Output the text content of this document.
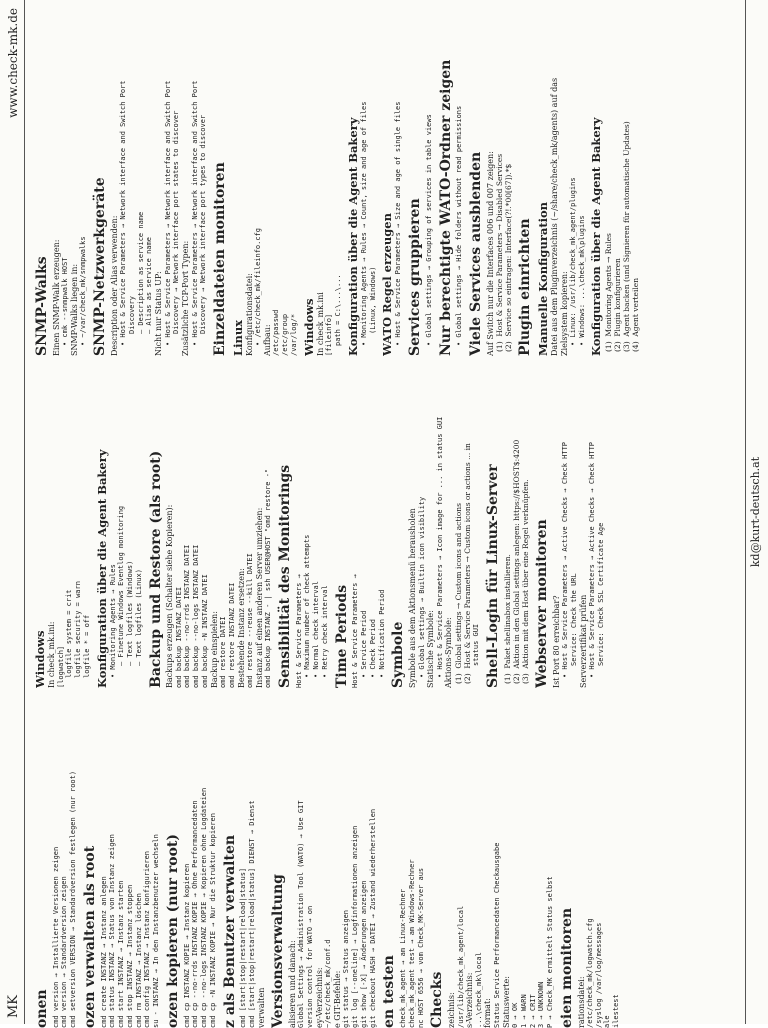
MK
www.check-mk.de
onen cmd version → Installierte Versionen zeigen cmd version → Standardversion zeigen cmd setversion VERSION → Standardversion festlegen (nur root) ozen verwalten als root cmd create INSTANZ → Instanz anlegen cmd status INSTANZ → Status von Instanz zeigen cmd start INSTANZ → Instanz starten cmd stop INSTANZ → Instanz stoppen cmd rm INSTANZ → Instanz löschen cmd config INSTANZ → Instanz konfigurieren su - INSTANZ → In den Instanzbenutzer wechseln ozen kopieren (nur root) cmd cp INSTANZ KOPIE → Instanz kopieren cmd cp --no-rrds INSTANZ KOPIE → Ohne Performancedaten cmd cp --no-logs INSTANZ KOPIE → Kopieren ohne Logdateien cmd cp -N INSTANZ KOPIE → Nur die Struktur kopieren z als Benutzer verwalten cmd [start|stop|restart|reload|status] cmd [start|stop|restart|reload|status] DIENST → Dienst verwalten Versionsverwaltung alisieren und danach: Global Settings → Administration Tool (WATO) → Use GIT version control for WATO → on ey-Verzeichnis: ~/etc/check_mk/conf.d e GIT-Befehle: git status → Status anzeigen git log [--oneline] → Logfinformationen anzeigen git show [-X] → Änderungen anzeigen git checkout HASH → DATEI → Zustand wiederherstellen en testen check_mk_agent → am Linux-Rechner check_mk_agent test → am Windows-Rechner nc HOST 6556 → vom Check_MK-Server aus Checks zeichnis: /usr/lib/check_mk_agent/local s-Verzeichnis: ...\check_mk\local format: Status Service Performancedaten Checkausgabe Statuswerte: 0 → OK 1 → WARN 2 → CRIT 3 → UNKNOWN P → Check_MK ermittelt Status selbst eien monitoren rationsdatei: /etc/check_mk/logwatch.cfg /syslog /var/log/messages ale ilestest
Windows In check_mk.ini: [logwatch] logfile system = crit logfile security = warn logfile * = off Konfiguration über die Agent Bakery • Monitoring Agents → Rules — Finetune Windows Eventlog monitoring — Text logfiles (Windows) — Text logfiles (Linux) Backup und Restore (als root) Backups erzeugen (Schalter siehe Kopieren): omd backup INSTANZ DATEI omd backup --no-rrds INSTANZ DATEI omd backup --no-logs INSTANZ DATEI omd backup -N INSTANZ DATEI Backup einspielen: omd restore DATEI omd restore INSTANZ DATEI Bestehende Instanz ersetzen: omd restore --reuse --kill DATEI Instanz auf einen anderen Server umziehen: omd backup INSTANZ - | ssh USER@HOST "omd restore -" Sensibilität des Monitorings Host & Service Parameters → • Maximum number of check attempts • Normal check interval • Retry check interval Time Periods Host & Service Parameters → • Service Period • Check Period • Notification Period Symbole Symbole aus dem Aktionsmenü herausholen • Global settings → Builtin icon visibility Statische Symbole: • Host & Service Parameters → Icon image for ... in status GUI Aktions-Symbole: (1)  Global settings → Custom icons and actions (2)  Host & Service Parameters → Custom icons or actions ... in status GUI Shell-Login für Linux-Server (1)  Paket shellinabox installieren. (2)  Aktion in den Global settings anlegen: https://$HOST$:4200 (3)  Aktion mit dem Host über eine Regel verknüpfen. Webserver monitoren Ist Port 80 erreichbar? • Host & Service Parameters → Active Checks → Check HTTP Service: Check the URL Serverzertifikat prüfen • Host & Service Parameters → Active Checks → Check HTTP Service: Check SSL Certificate Age
SNMP-Walks Einen SNMP-Walk erzeugen: • cmk --snmpwalk HOST SNMP-Walks liegen in: • ~/var/check_mk/snmpwalks SNMP-Netzwerkgeräte Description oder Alias verwenden: • Host & Service Parameters → Network interface and Switch Port Discovery — Description as service name — Alias as service name Nicht nur Status UP: • Host & Service Parameters → Network interface and Switch Port Discovery → Network interface port states to discover Zusätzliche TCP-Port Typen: • Host & Service Parameters → Network interface and Switch Port Discovery → Network interface port types to discover Einzeldateien monitoren Linux Konfigurationsdatei: • /etc/check_mk/fileinfo.cfg Aufbau: /etc/passwd /etc/group /var/log/* Windows In check_mk.ini [fileinfo] path = C:\...\... Konfiguration über die Agent Bakery • Monitoring Agents → Rules → Count, size and age of files (Linux, Windows) WATO Regel erzeugen • Host & Service Parameters → Size and age of single files Services gruppieren • Global settings → Grouping of services in table views Nur berechtigte WATO-Ordner zeigen • Global settings → Hide folders without read permissions Viele Services ausblenden Auf Switch nur die Interfaces 006 und 007 zeigen: (1)  Host & Service Parameters → Disabled Services (2)  Service so eintragen: Interface(?!.*00[67]).*$ Plugin einrichten Manuelle Konfiguration Datei aus dem Pluginverzeichnis (~/share/check_mk/agents) auf das Zielsystem kopieren: • Linux: /usr/lib/check_mk_agent/plugins • Windows: ...\check_mk\plugins Konfiguration über die Agent Bakery (1)  Monitoring Agents → Rules (2)  Plugin konfigurieren (3)  Agent backen (und Signieren für automatische Updates) (4)  Agent verteilen
kd@kurt-deutsch.at
